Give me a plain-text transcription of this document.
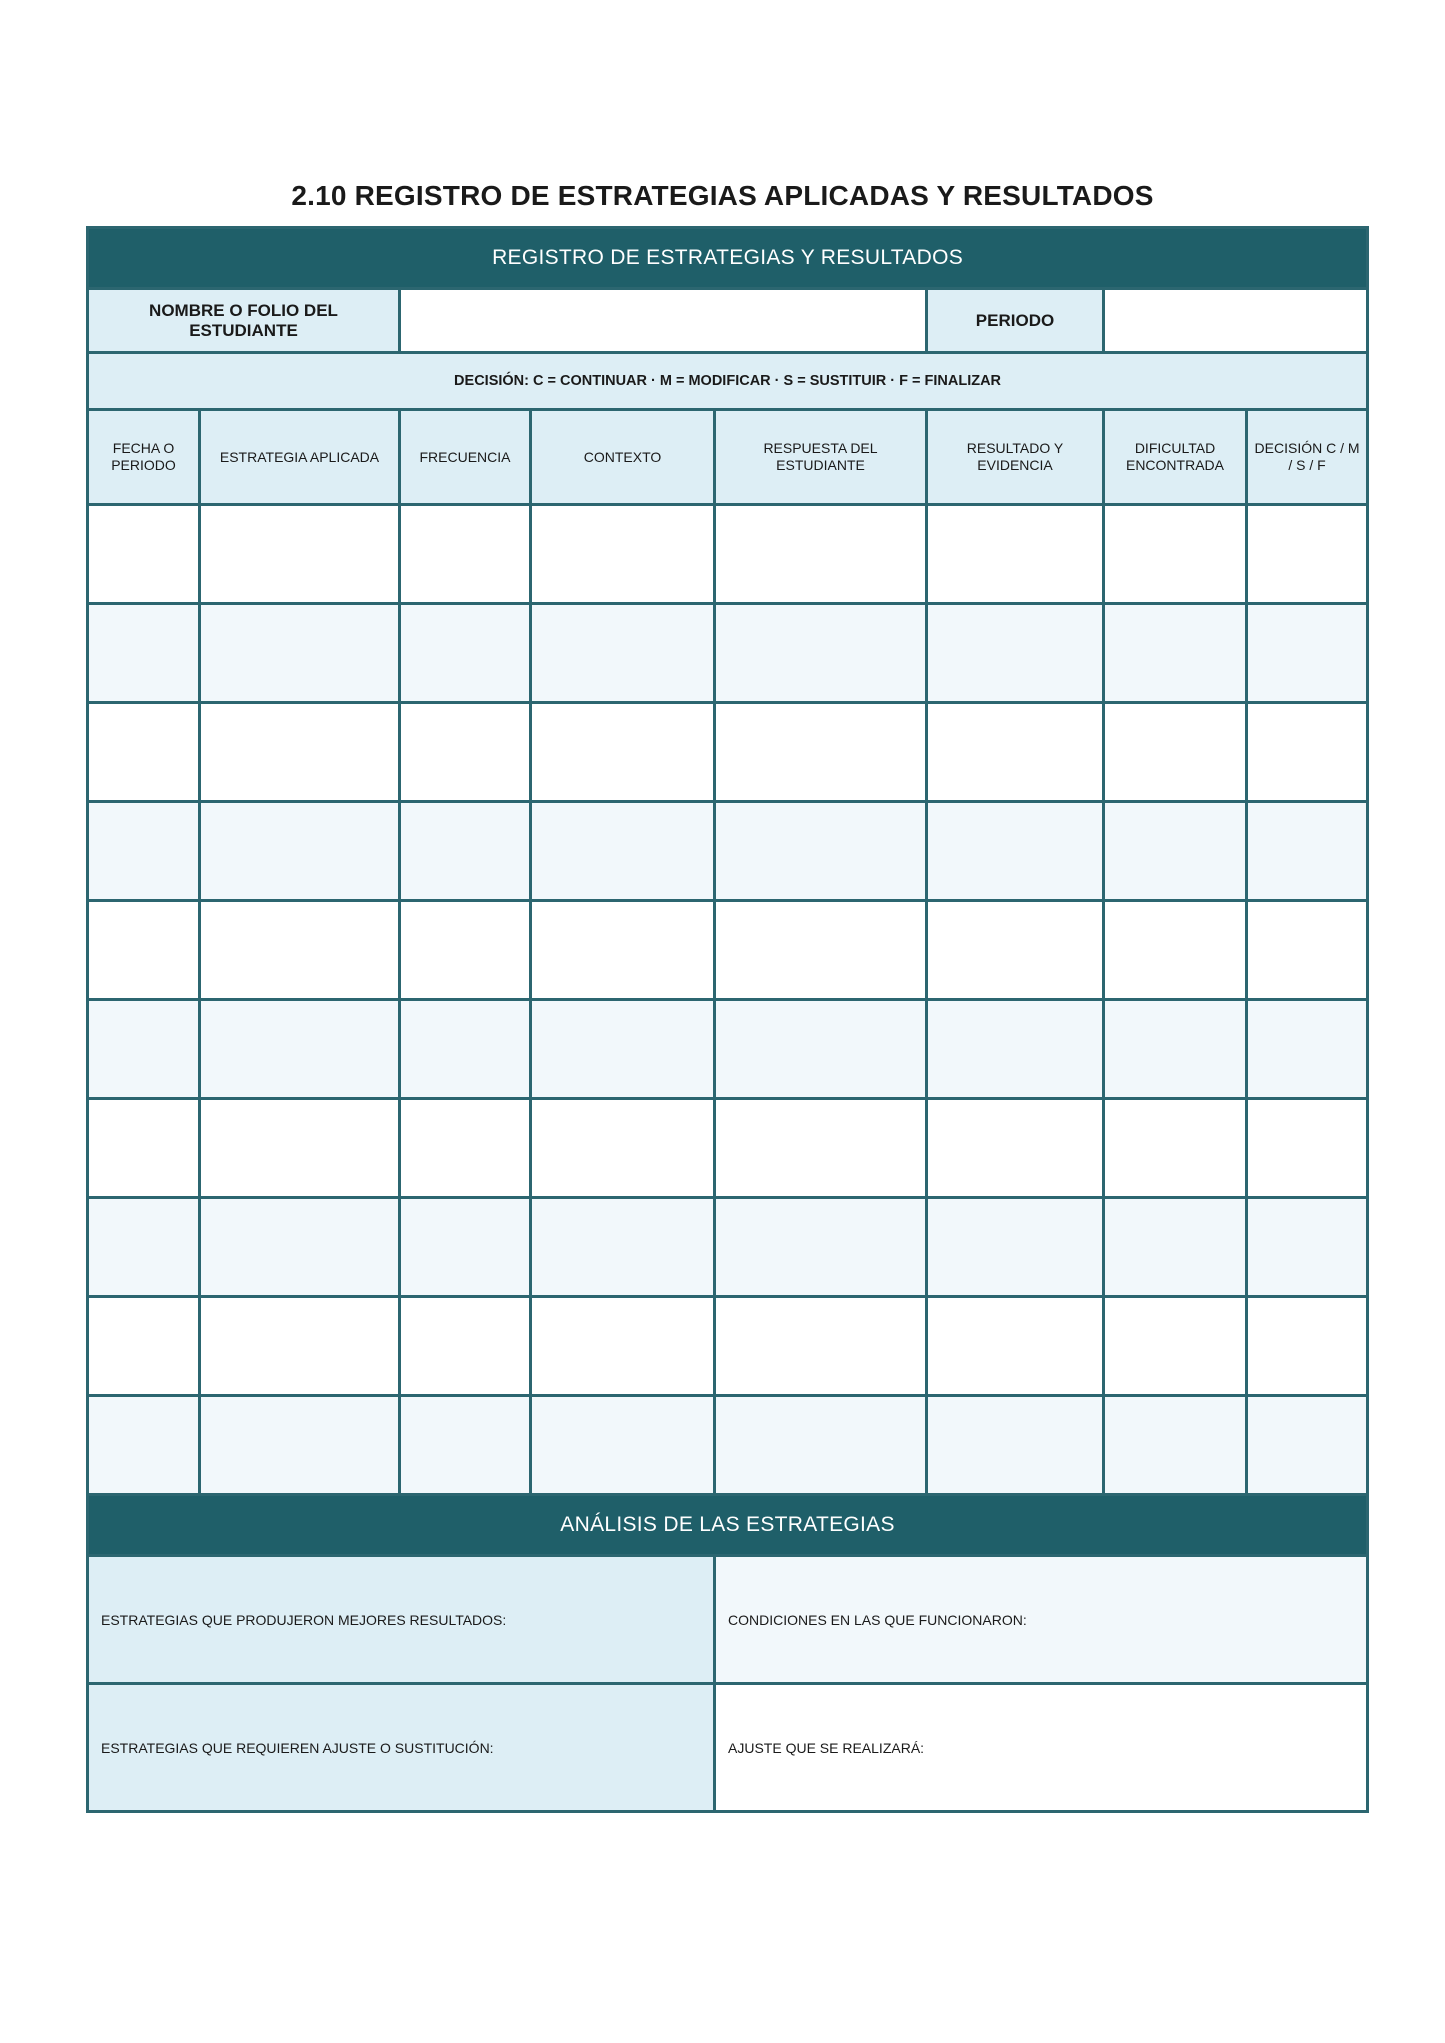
2.10 REGISTRO DE ESTRATEGIAS APLICADAS Y RESULTADOS
REGISTRO DE ESTRATEGIAS Y RESULTADOS							
NOMBRE O FOLIO DEL ESTUDIANTE					PERIODO		
DECISIÓN: C = CONTINUAR · M = MODIFICAR · S = SUSTITUIR · F = FINALIZAR							
FECHA O PERIODO	ESTRATEGIA APLICADA	FRECUENCIA	CONTEXTO	RESPUESTA DEL ESTUDIANTE	RESULTADO Y EVIDENCIA	DIFICULTAD ENCONTRADA	DECISIÓN C / M / S / F

ANÁLISIS DE LAS ESTRATEGIAS							
ESTRATEGIAS QUE PRODUJERON MEJORES RESULTADOS:				CONDICIONES EN LAS QUE FUNCIONARON:			
ESTRATEGIAS QUE REQUIEREN AJUSTE O SUSTITUCIÓN:				AJUSTE QUE SE REALIZARÁ:			
